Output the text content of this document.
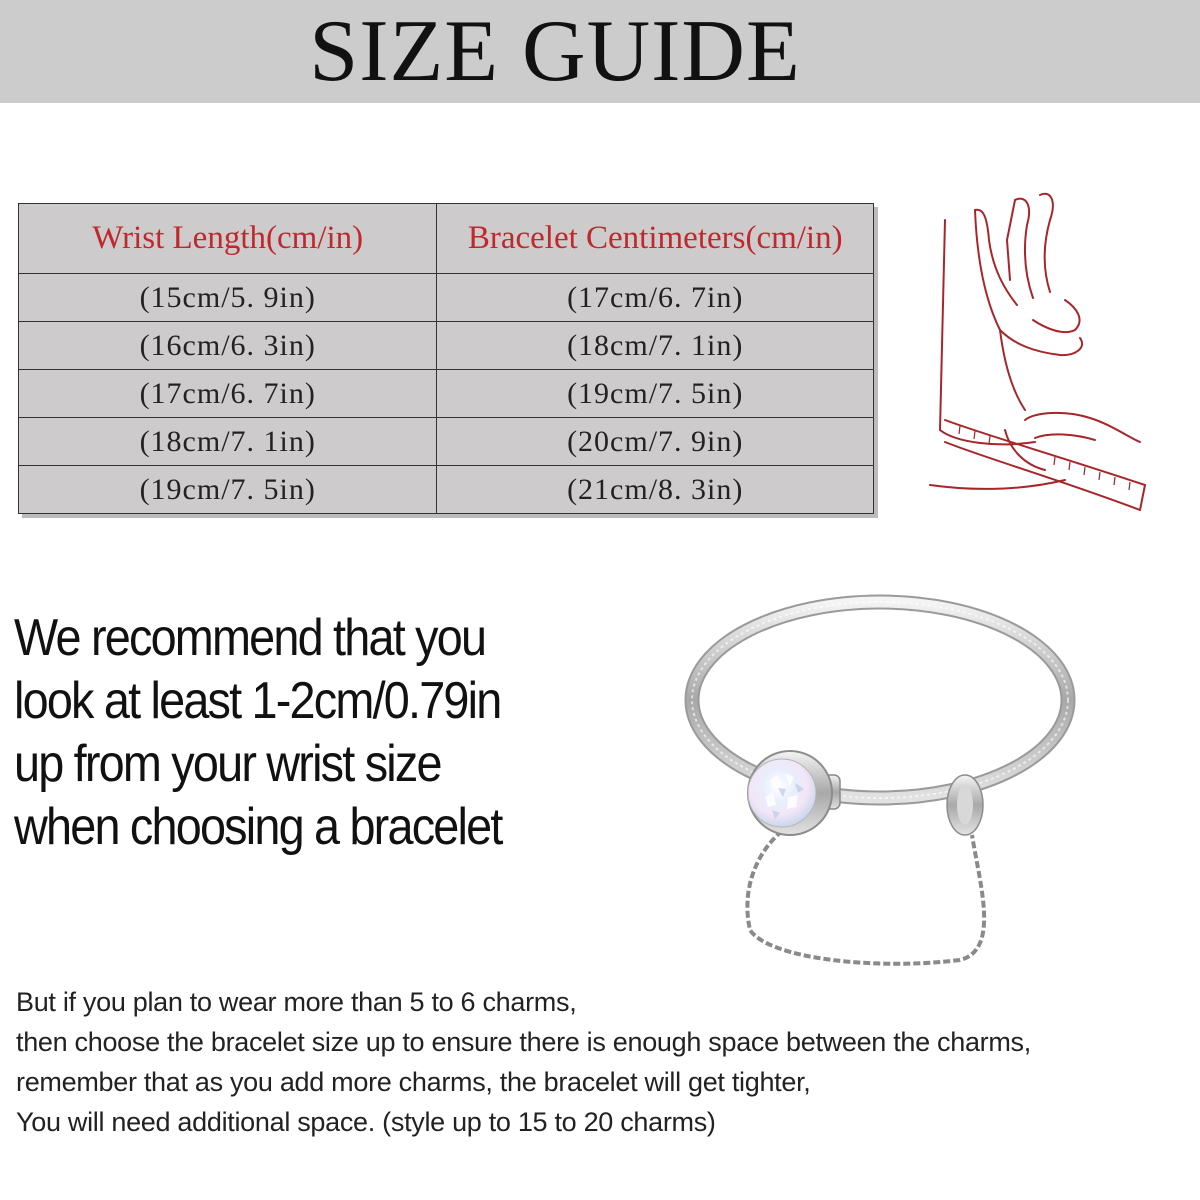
SIZE GUIDE
Wrist Length(cm/in)	Bracelet Centimeters(cm/in)
(15cm/5. 9in)	(17cm/6. 7in)
(16cm/6. 3in)	(18cm/7. 1in)
(17cm/6. 7in)	(19cm/7. 5in)
(18cm/7. 1in)	(20cm/7. 9in)
(19cm/7. 5in)	(21cm/8. 3in)
We recommend that you
look at least 1-2cm/0.79in
up from your wrist size
when choosing a bracelet
But if you plan to wear more than 5 to 6 charms,
then choose the bracelet size up to ensure there is enough space between the charms,
remember that as you add more charms, the bracelet will get tighter,
You will need additional space. (style up to 15 to 20 charms)
